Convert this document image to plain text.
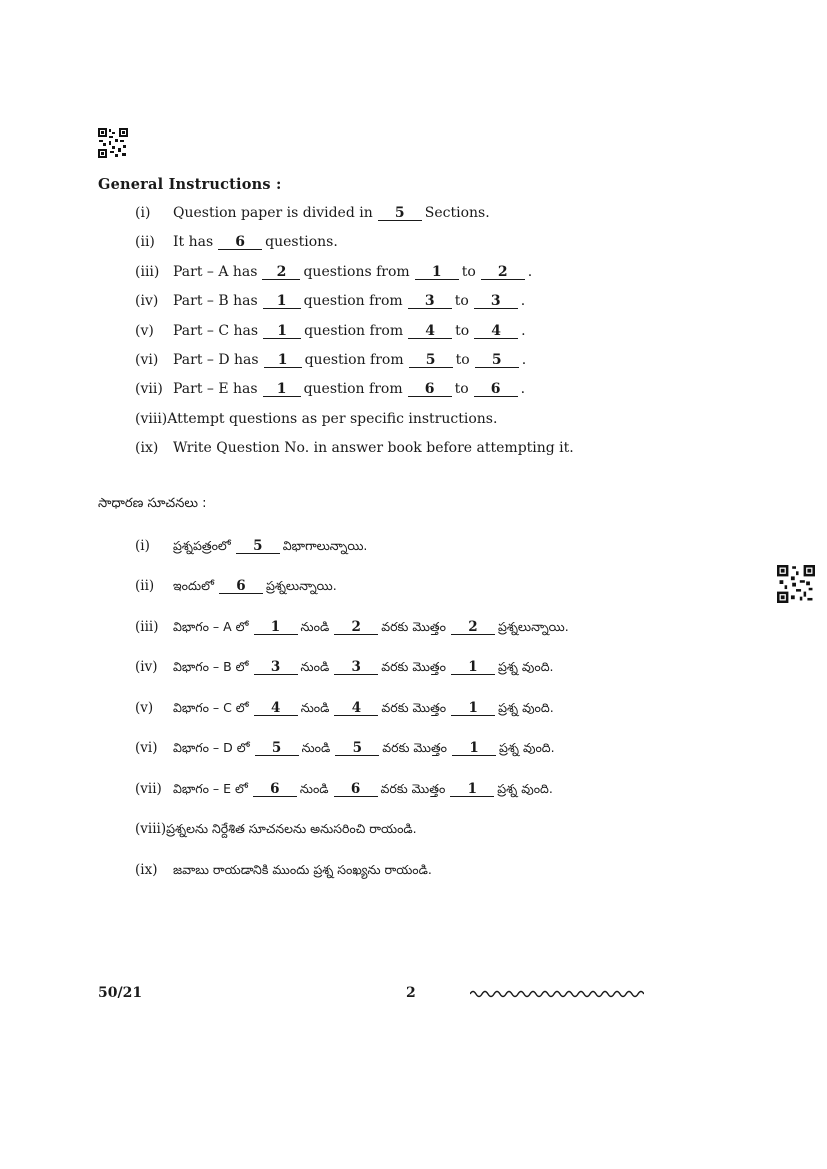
General Instructions :
(i) Question paper is divided in 5 Sections.
(ii) It has 6 questions.
(iii) Part – A has 2 questions from 1 to 2 .
(iv) Part – B has 1 question from 3 to 3 .
(v) Part – C has 1 question from 4 to 4 .
(vi) Part – D has 1 question from 5 to 5 .
(vii) Part – E has 1 question from 6 to 6 .
(viii)Attempt questions as per specific instructions.
(ix) Write Question No. in answer book before attempting it.
సాధారణ సూచనలు :
(i) ప్రశ్నపత్రంలో 5 విభాగాలున్నాయి.
(ii) ఇందులో 6 ప్రశ్నలున్నాయి.
(iii) విభాగం – A లో 1 నుండి 2 వరకు మొత్తం 2 ప్రశ్నలున్నాయి.
(iv) విభాగం – B లో 3 నుండి 3 వరకు మొత్తం 1 ప్రశ్న వుంది.
(v) విభాగం – C లో 4 నుండి 4 వరకు మొత్తం 1 ప్రశ్న వుంది.
(vi) విభాగం – D లో 5 నుండి 5 వరకు మొత్తం 1 ప్రశ్న వుంది.
(vii) విభాగం – E లో 6 నుండి 6 వరకు మొత్తం 1 ప్రశ్న వుంది.
(viii)ప్రశ్నలను నిర్దేశిత సూచనలను అనుసరించి రాయండి.
(ix) జవాబు రాయడానికి ముందు ప్రశ్న సంఖ్యను రాయండి.
50/21	2
